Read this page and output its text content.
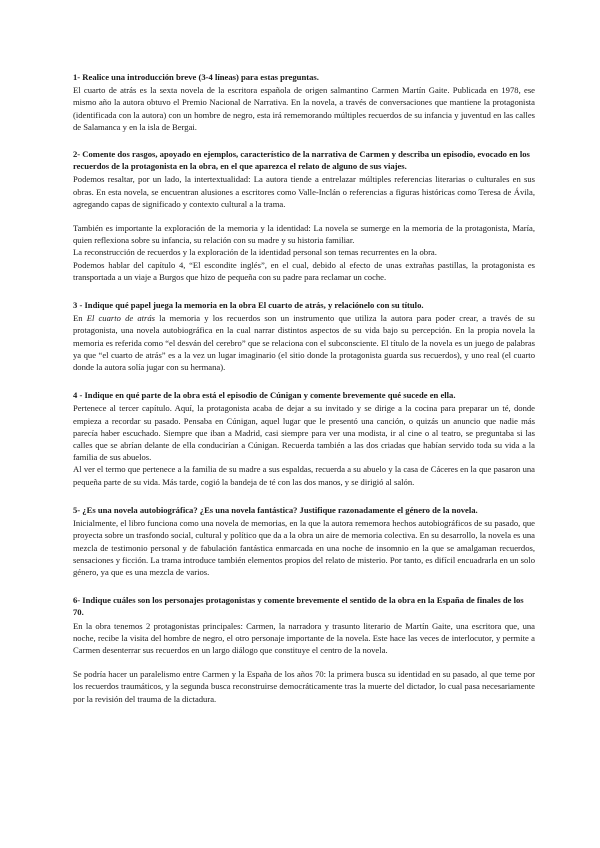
1- Realice una introducción breve (3-4 líneas) para estas preguntas.

El cuarto de atrás es la sexta novela de la escritora española de origen salmantino Carmen Martín Gaite. Publicada en 1978, ese mismo año la autora obtuvo el Premio Nacional de Narrativa. En la novela, a través de conversaciones que mantiene la protagonista (identificada con la autora) con un hombre de negro, esta irá rememorando múltiples recuerdos de su infancia y juventud en las calles de Salamanca y en la isla de Bergai.

2- Comente dos rasgos, apoyado en ejemplos, característico de la narrativa de Carmen y describa un episodio, evocado en los recuerdos de la protagonista en la obra, en el que aparezca el relato de alguno de sus viajes.

Podemos resaltar, por un lado, la intertextualidad: La autora tiende a entrelazar múltiples referencias literarias o culturales en sus obras. En esta novela, se encuentran alusiones a escritores como Valle-Inclán o referencias a figuras históricas como Teresa de Ávila, agregando capas de significado y contexto cultural a la trama.

También es importante la exploración de la memoria y la identidad: La novela se sumerge en la memoria de la protagonista, María, quien reflexiona sobre su infancia, su relación con su madre y su historia familiar.

La reconstrucción de recuerdos y la exploración de la identidad personal son temas recurrentes en la obra.

Podemos hablar del capítulo 4, “El escondite inglés”, en el cual, debido al efecto de unas extrañas pastillas, la protagonista es transportada a un viaje a Burgos que hizo de pequeña con su padre para reclamar un coche.

3 - Indique qué papel juega la memoria en la obra El cuarto de atrás, y relaciónelo con su título.

En El cuarto de atrás la memoria y los recuerdos son un instrumento que utiliza la autora para poder crear, a través de su protagonista, una novela autobiográfica en la cual narrar distintos aspectos de su vida bajo su percepción. En la propia novela la memoria es referida como “el desván del cerebro” que se relaciona con el subconsciente. El título de la novela es un juego de palabras ya que “el cuarto de atrás” es a la vez un lugar imaginario (el sitio donde la protagonista guarda sus recuerdos), y uno real (el cuarto donde la autora solía jugar con su hermana).

4 - Indique en qué parte de la obra está el episodio de Cúnigan y comente brevemente qué sucede en ella.

Pertenece al tercer capítulo. Aquí, la protagonista acaba de dejar a su invitado y se dirige a la cocina para preparar un té, donde empieza a recordar su pasado. Pensaba en Cúnigan, aquel lugar que le presentó una canción, o quizás un anuncio que nadie más parecía haber escuchado. Siempre que iban a Madrid, casi siempre para ver una modista, ir al cine o al teatro, se preguntaba si las calles que se abrían delante de ella conducirían a Cúnigan. Recuerda también a las dos criadas que habían servido toda su vida a la familia de sus abuelos.

Al ver el termo que pertenece a la familia de su madre a sus espaldas, recuerda a su abuelo y la casa de Cáceres en la que pasaron una pequeña parte de su vida. Más tarde, cogió la bandeja de té con las dos manos, y se dirigió al salón.

5- ¿Es una novela autobiográfica? ¿Es una novela fantástica? Justifique razonadamente el género de la novela.

Inicialmente, el libro funciona como una novela de memorias, en la que la autora rememora hechos autobiográficos de su pasado, que proyecta sobre un trasfondo social, cultural y político que da a la obra un aire de memoria colectiva. En su desarrollo, la novela es una mezcla de testimonio personal y de fabulación fantástica enmarcada en una noche de insomnio en la que se amalgaman recuerdos, sensaciones y ficción. La trama introduce también elementos propios del relato de misterio. Por tanto, es difícil encuadrarla en un solo género, ya que es una mezcla de varios.

6- Indique cuáles son los personajes protagonistas y comente brevemente el sentido de la obra en la España de finales de los 70.

En la obra tenemos 2 protagonistas principales: Carmen, la narradora y trasunto literario de Martín Gaite, una escritora que, una noche, recibe la visita del hombre de negro, el otro personaje importante de la novela. Este hace las veces de interlocutor, y permite a Carmen desenterrar sus recuerdos en un largo diálogo que constituye el centro de la novela.

Se podría hacer un paralelismo entre Carmen y la España de los años 70: la primera busca su identidad en su pasado, al que teme por los recuerdos traumáticos, y la segunda busca reconstruirse democráticamente tras la muerte del dictador, lo cual pasa necesariamente por la revisión del trauma de la dictadura.
